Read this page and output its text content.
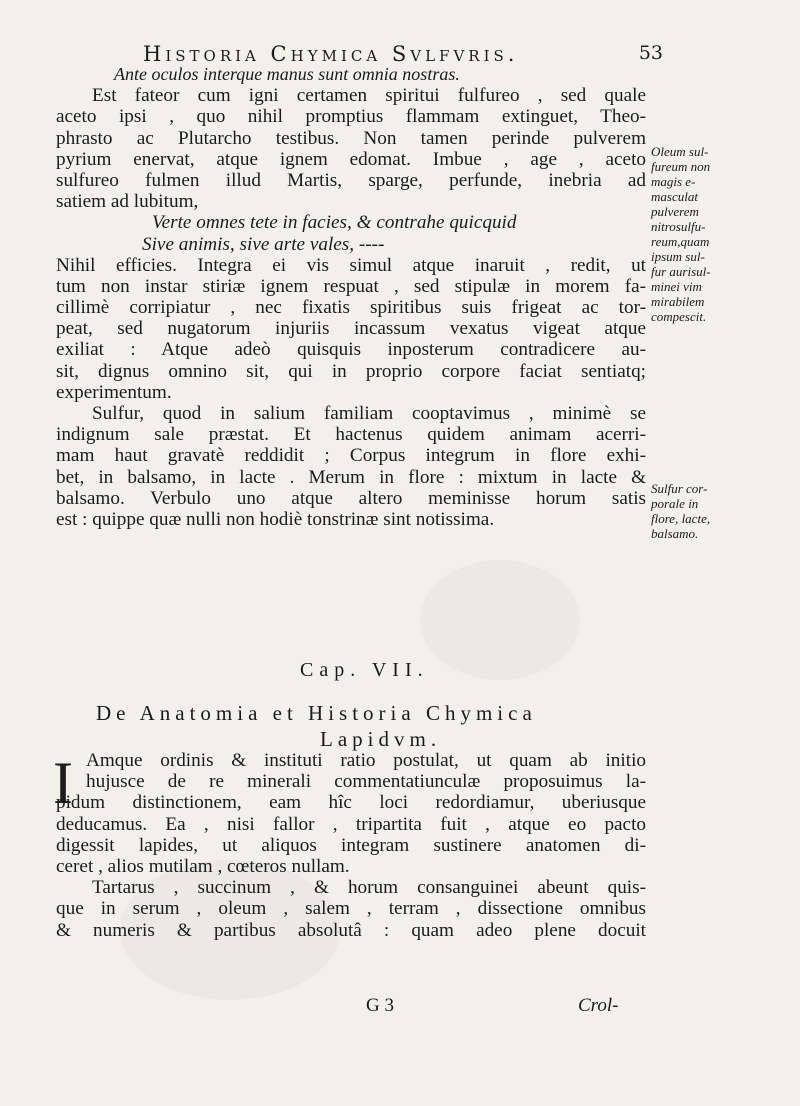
Historia Chymica Svlfvris.	53
Ante oculos interque manus sunt omnia nostras.
Est fateor cum igni certamen spiritui fulfureo , sed quale
aceto ipsi , quo nihil promptius flammam extinguet, Theo-
phrasto ac Plutarcho testibus. Non tamen perinde pulverem
pyrium enervat, atque ignem edomat. Imbue , age , aceto
sulfureo fulmen illud Martis, sparge, perfunde, inebria ad
satiem ad lubitum,
Verte omnes tete in facies, & contrahe quicquid
Sive animis, sive arte vales, ----
Nihil efficies. Integra ei vis simul atque inaruit , redit, ut
tum non instar stiriæ ignem respuat , sed stipulæ in morem fa-
cillimè corripiatur , nec fixatis spiritibus suis frigeat ac tor-
peat, sed nugatorum injuriis incassum vexatus vigeat atque
exiliat : Atque adeò quisquis inposterum contradicere au-
sit, dignus omnino sit, qui in proprio corpore faciat sentiatq;
experimentum.
Sulfur, quod in salium familiam cooptavimus , minimè se
indignum sale præstat. Et hactenus quidem animam acerri-
mam haut gravatè reddidit ; Corpus integrum in flore exhi-
bet, in balsamo, in lacte . Merum in flore : mixtum in lacte &
balsamo. Verbulo uno atque altero meminisse horum satis
est : quippe quæ nulli non hodiè tonstrinæ sint notissima.
Oleum sul-
fureum non
magis e-
masculat
pulverem
nitrosulfu-
reum,quam
ipsum sul-
fur aurisul-
minei vim
mirabilem
compescit.
Sulfur cor-
porale in
flore, lacte,
balsamo.
Cap. VII.
De Anatomia et Historia Chymica
Lapidvm.
I Amque ordinis & instituti ratio postulat, ut quam ab initio
hujusce de re minerali commentatiunculæ proposuimus la-
pidum distinctionem, eam hîc loci redordiamur, uberiusque
deducamus. Ea , nisi fallor , tripartita fuit , atque eo pacto
digessit lapides, ut aliquos integram sustinere anatomen di-
ceret , alios mutilam , cœteros nullam.
Tartarus , succinum , & horum consanguinei abeunt quis-
que in serum , oleum , salem , terram , dissectione omnibus
& numeris & partibus absolutâ : quam adeo plene docuit
G 3	Crol-
